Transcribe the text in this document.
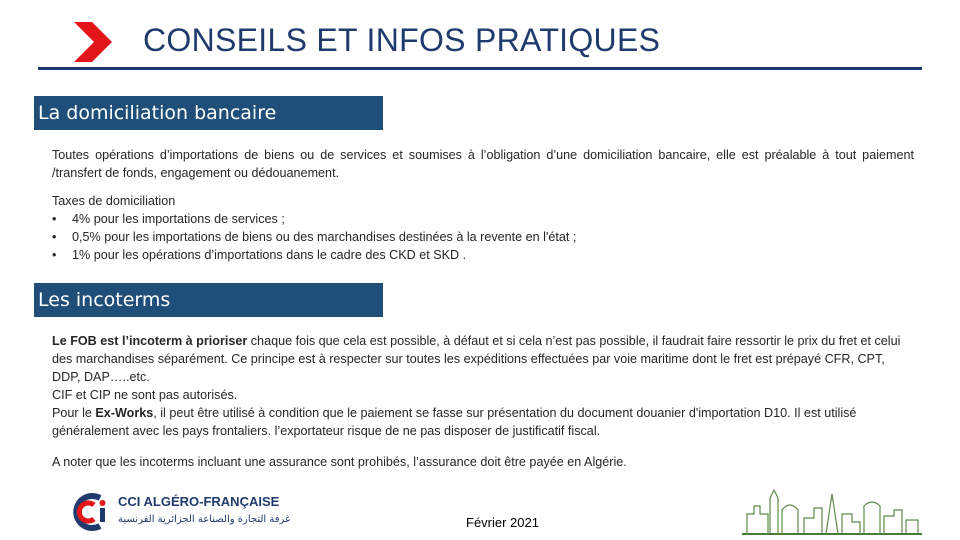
CONSEILS ET INFOS PRATIQUES
La domiciliation bancaire
Toutes opérations d’importations de biens ou de services et soumises à l’obligation d’une domiciliation bancaire, elle est préalable à tout paiement /transfert de fonds, engagement ou dédouanement.
Taxes de domiciliation
• 4% pour les importations de services ;
• 0,5% pour les importations de biens ou des marchandises destinées à la revente en l'état ;
• 1% pour les opérations d’importations dans le cadre des CKD et SKD .
Les incoterms
Le FOB est l’incoterm à prioriser chaque fois que cela est possible, à défaut et si cela n’est pas possible, il faudrait faire ressortir le prix du fret et celui des marchandises séparément. Ce principe est à respecter sur toutes les expéditions effectuées par voie maritime dont le fret est prépayé CFR, CPT, DDP, DAP…..etc.
CIF et CIP ne sont pas autorisés.
Pour le Ex-Works, il peut être utilisé à condition que le paiement se fasse sur présentation du document douanier d'importation D10. Il est utilisé généralement avec les pays frontaliers. l’exportateur risque de ne pas disposer de justificatif fiscal.
A noter que les incoterms incluant une assurance sont prohibés, l’assurance doit être payée en Algérie.
CCI ALGÉRO-FRANÇAISE
غرفة التجارة والصناعة الجزائرية الفرنسية	Février 2021
